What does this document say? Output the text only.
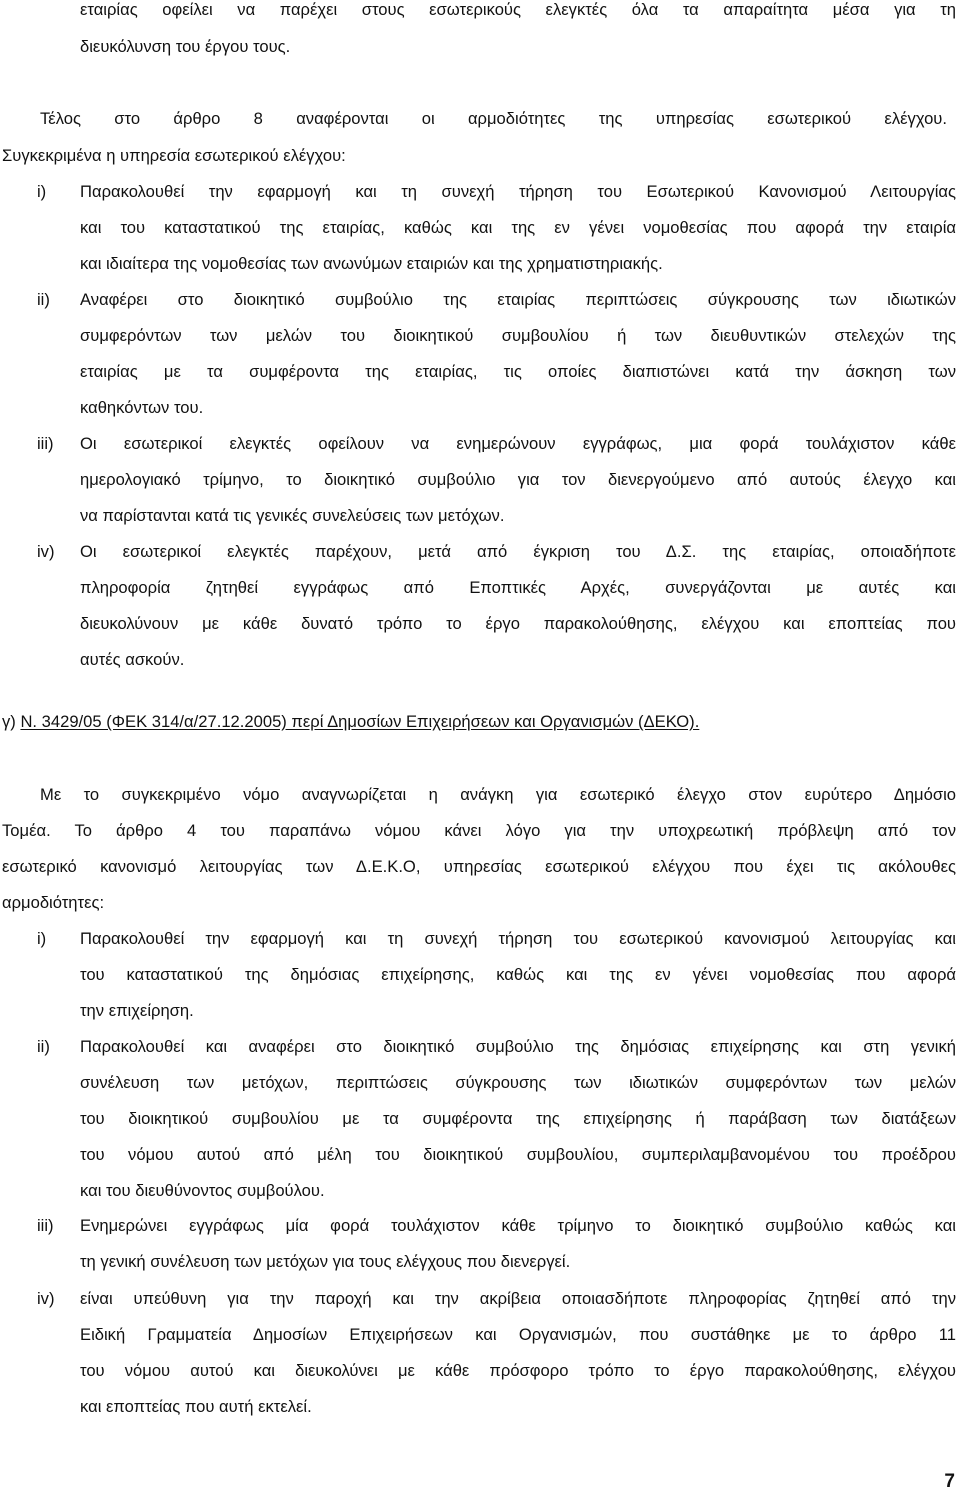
εταιρίας οφείλει να παρέχει στους εσωτερικούς ελεγκτές όλα τα απαραίτητα μέσα για τη
διευκόλυνση του έργου τους.
Τέλος στο άρθρο 8 αναφέρονται οι αρμοδιότητες της υπηρεσίας εσωτερικού ελέγχου.
Συγκεκριμένα η υπηρεσία εσωτερικού ελέγχου:
i) Παρακολουθεί την εφαρμογή και τη συνεχή τήρηση του Εσωτερικού Κανονισμού Λειτουργίας
και του καταστατικού της εταιρίας, καθώς και της εν γένει νομοθεσίας που αφορά την εταιρία
και ιδιαίτερα της νομοθεσίας των ανωνύμων εταιριών και της χρηματιστηριακής.
ii) Αναφέρει στο διοικητικό συμβούλιο της εταιρίας περιπτώσεις σύγκρουσης των ιδιωτικών
συμφερόντων των μελών του διοικητικού συμβουλίου ή των διευθυντικών στελεχών της
εταιρίας με τα συμφέροντα της εταιρίας, τις οποίες διαπιστώνει κατά την άσκηση των
καθηκόντων του.
iii) Οι εσωτερικοί ελεγκτές οφείλουν να ενημερώνουν εγγράφως, μια φορά τουλάχιστον κάθε
ημερολογιακό τρίμηνο, το διοικητικό συμβούλιο για τον διενεργούμενο από αυτούς έλεγχο και
να παρίστανται κατά τις γενικές συνελεύσεις των μετόχων.
iv) Οι εσωτερικοί ελεγκτές παρέχουν, μετά από έγκριση του Δ.Σ. της εταιρίας, οποιαδήποτε
πληροφορία ζητηθεί εγγράφως από Εποπτικές Αρχές, συνεργάζονται με αυτές και
διευκολύνουν με κάθε δυνατό τρόπο το έργο παρακολούθησης, ελέγχου και εποπτείας που
αυτές ασκούν.
γ) Ν. 3429/05 (ΦΕΚ 314/α/27.12.2005) περί Δημοσίων Επιχειρήσεων και Οργανισμών (ΔΕΚΟ).
Με το συγκεκριμένο νόμο αναγνωρίζεται η ανάγκη για εσωτερικό έλεγχο στον ευρύτερο Δημόσιο
Τομέα. Το άρθρο 4 του παραπάνω νόμου κάνει λόγο για την υποχρεωτική πρόβλεψη από τον
εσωτερικό κανονισμό λειτουργίας των Δ.Ε.Κ.Ο, υπηρεσίας εσωτερικού ελέγχου που έχει τις ακόλουθες
αρμοδιότητες:
i) Παρακολουθεί την εφαρμογή και τη συνεχή τήρηση του εσωτερικού κανονισμού λειτουργίας και
του καταστατικού της δημόσιας επιχείρησης, καθώς και της εν γένει νομοθεσίας που αφορά
την επιχείρηση.
ii) Παρακολουθεί και αναφέρει στο διοικητικό συμβούλιο της δημόσιας επιχείρησης και στη γενική
συνέλευση των μετόχων, περιπτώσεις σύγκρουσης των ιδιωτικών συμφερόντων των μελών
του διοικητικού συμβουλίου με τα συμφέροντα της επιχείρησης ή παράβαση των διατάξεων
του νόμου αυτού από μέλη του διοικητικού συμβουλίου, συμπεριλαμβανομένου του προέδρου
και του διευθύνοντος συμβούλου.
iii) Ενημερώνει εγγράφως μία φορά τουλάχιστον κάθε τρίμηνο το διοικητικό συμβούλιο καθώς και
τη γενική συνέλευση των μετόχων για τους ελέγχους που διενεργεί.
iv) είναι υπεύθυνη για την παροχή και την ακρίβεια οποιασδήποτε πληροφορίας ζητηθεί από την
Ειδική Γραμματεία Δημοσίων Επιχειρήσεων και Οργανισμών, που συστάθηκε με το άρθρο 11
του νόμου αυτού και διευκολύνει με κάθε πρόσφορο τρόπο το έργο παρακολούθησης, ελέγχου
και εποπτείας που αυτή εκτελεί.
7
